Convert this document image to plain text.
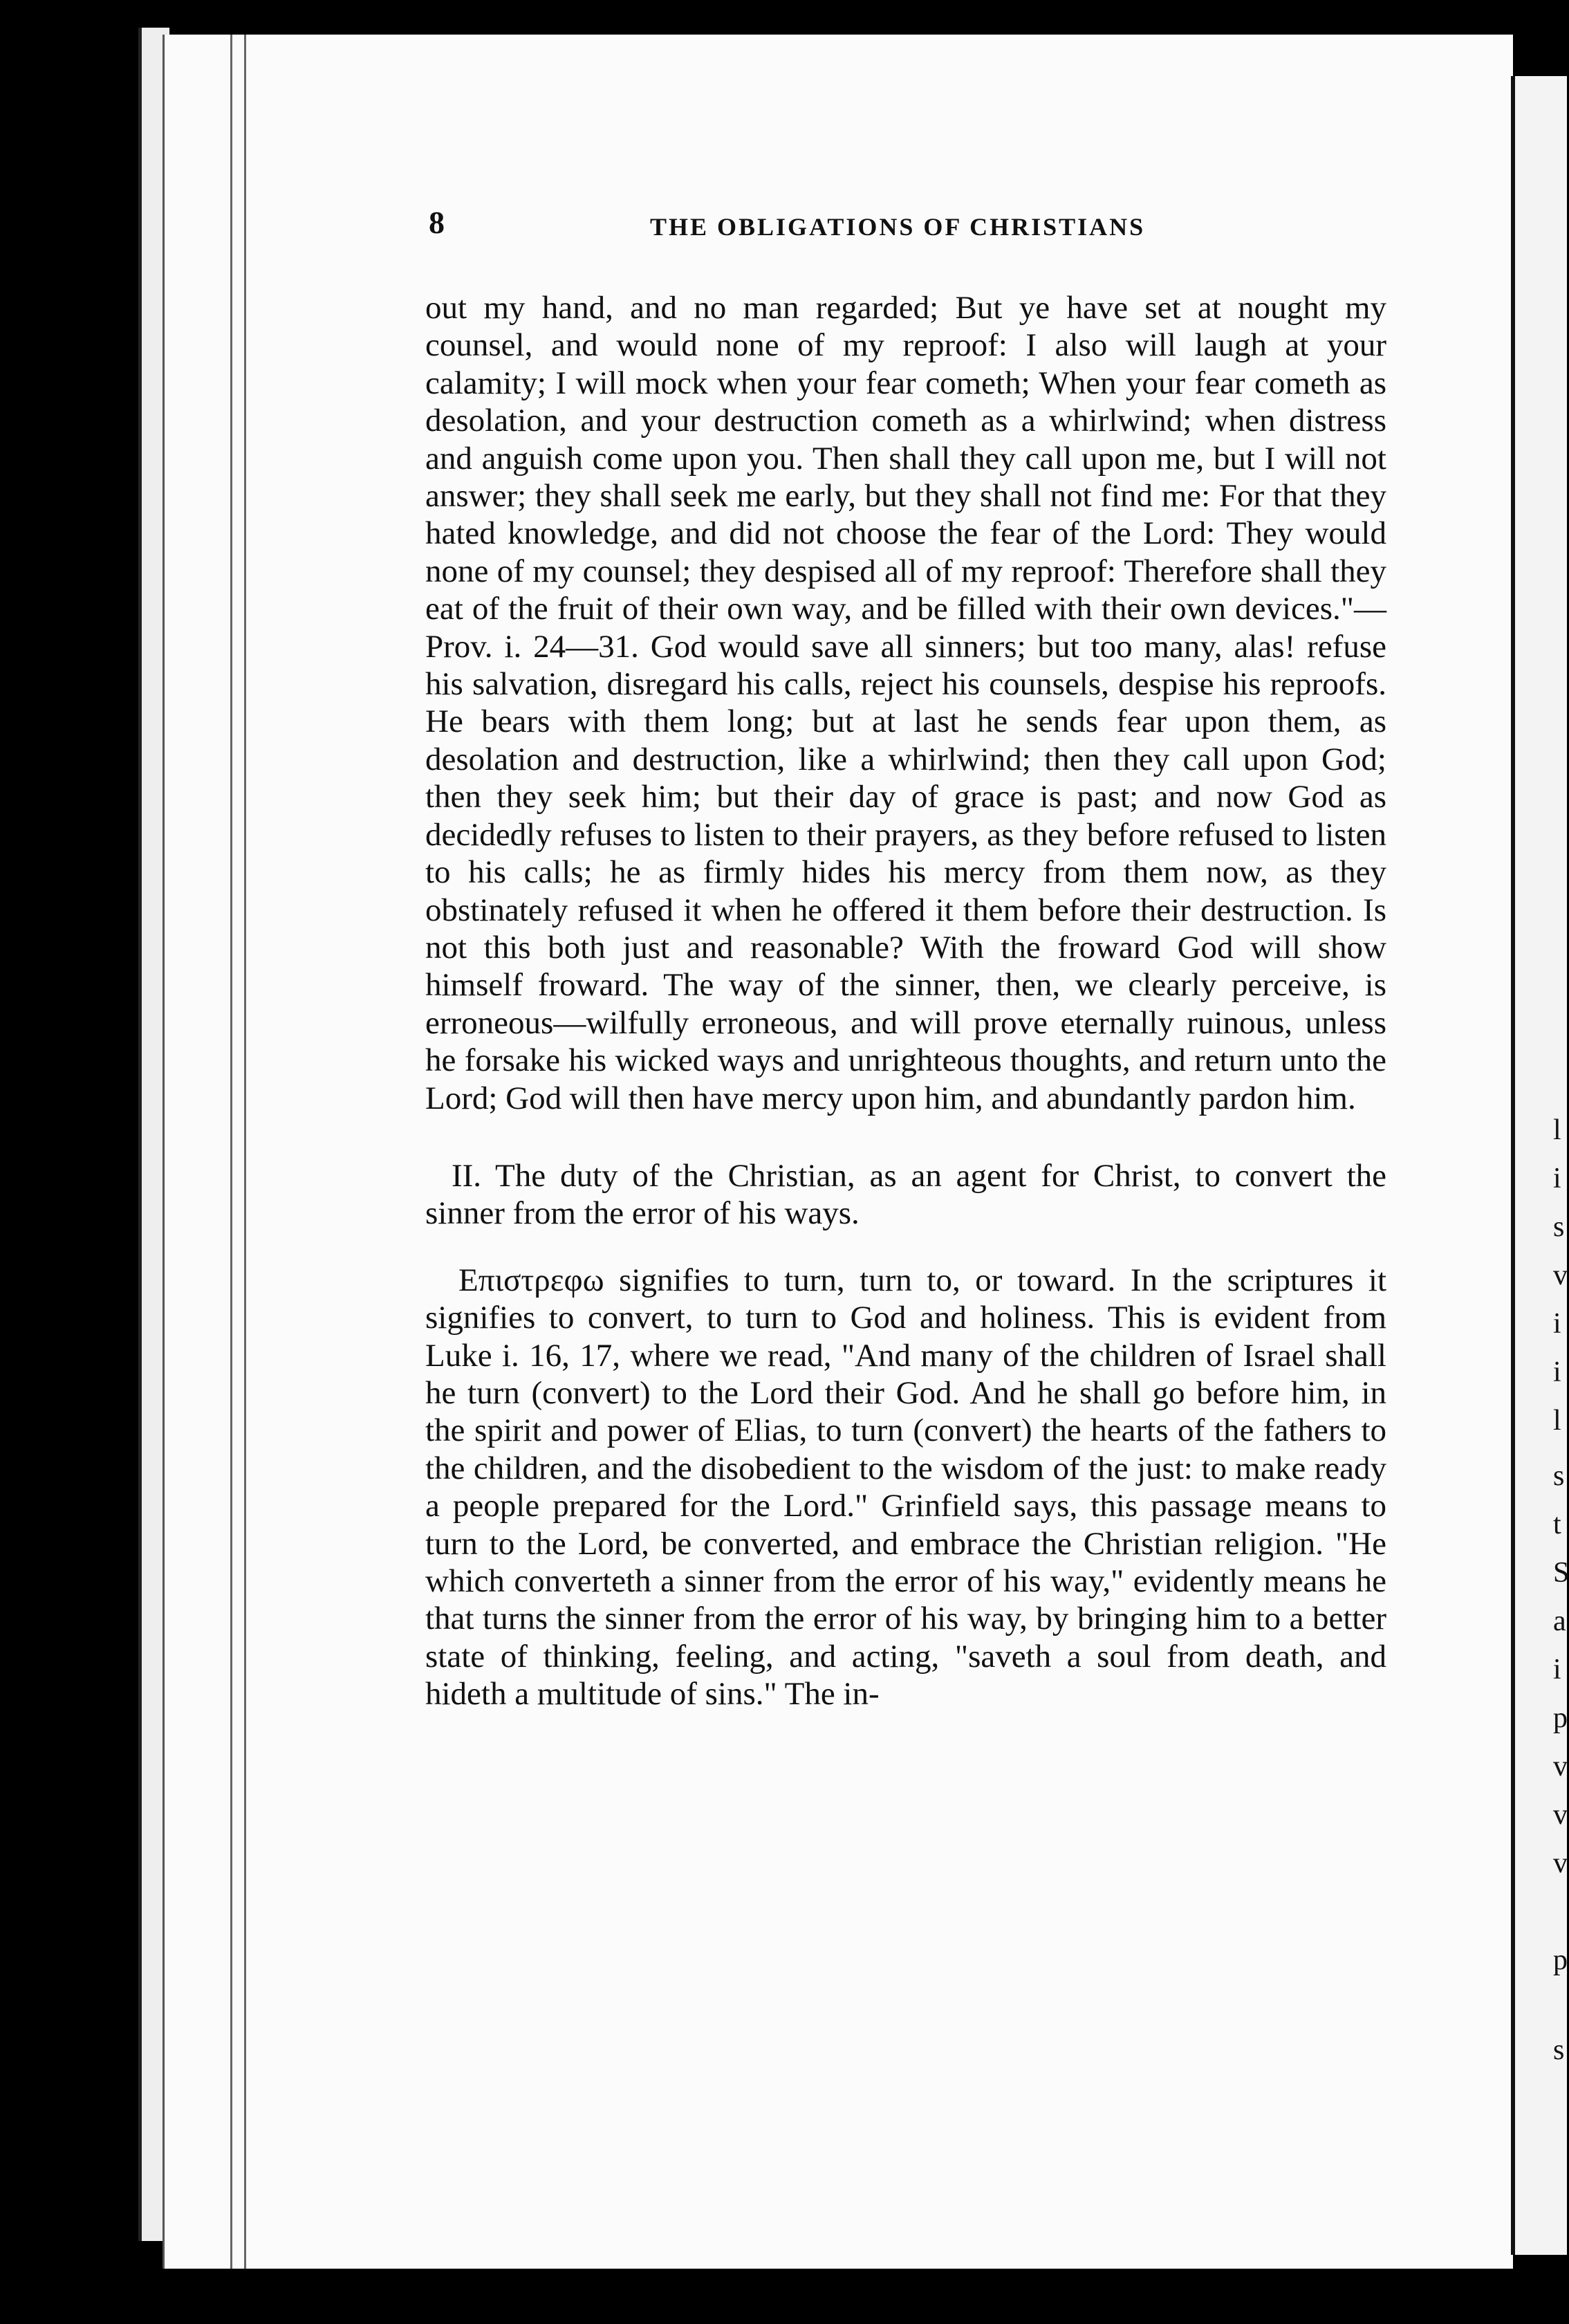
8	THE OBLIGATIONS OF CHRISTIANS

out my hand, and no man regarded; But ye have set at nought my counsel, and would none of my reproof: I also will laugh at your calamity; I will mock when your fear cometh; When your fear cometh as desolation, and your destruction cometh as a whirlwind; when distress and anguish come upon you. Then shall they call upon me, but I will not answer; they shall seek me early, but they shall not find me: For that they hated knowledge, and did not choose the fear of the Lord: They would none of my counsel; they despised all of my reproof: Therefore shall they eat of the fruit of their own way, and be filled with their own devices."—Prov. i. 24—31. God would save all sinners; but too many, alas! refuse his salvation, disregard his calls, reject his counsels, despise his reproofs. He bears with them long; but at last he sends fear upon them, as desolation and destruction, like a whirlwind; then they call upon God; then they seek him; but their day of grace is past; and now God as decidedly refuses to listen to their prayers, as they before refused to listen to his calls; he as firmly hides his mercy from them now, as they obstinately refused it when he offered it them before their destruction. Is not this both just and reasonable? With the froward God will show himself froward. The way of the sinner, then, we clearly perceive, is erroneous—wilfully erroneous, and will prove eternally ruinous, unless he forsake his wicked ways and unrighteous thoughts, and return unto the Lord; God will then have mercy upon him, and abundantly pardon him.

II. The duty of the Christian, as an agent for Christ, to convert the sinner from the error of his ways.

Επιστρεφω signifies to turn, turn to, or toward. In the scriptures it signifies to convert, to turn to God and holiness. This is evident from Luke i. 16, 17, where we read, "And many of the children of Israel shall he turn (convert) to the Lord their God. And he shall go before him, in the spirit and power of Elias, to turn (convert) the hearts of the fathers to the children, and the disobedient to the wisdom of the just: to make ready a people prepared for the Lord." Grinfield says, this passage means to turn to the Lord, be converted, and embrace the Christian religion. "He which converteth a sinner from the error of his way," evidently means he that turns the sinner from the error of his way, by bringing him to a better state of thinking, feeling, and acting, "saveth a soul from death, and hideth a multitude of sins." The in-

l
i
s
v
i
i
l
s
t
S
a
i
p
v
v
v
p
s
